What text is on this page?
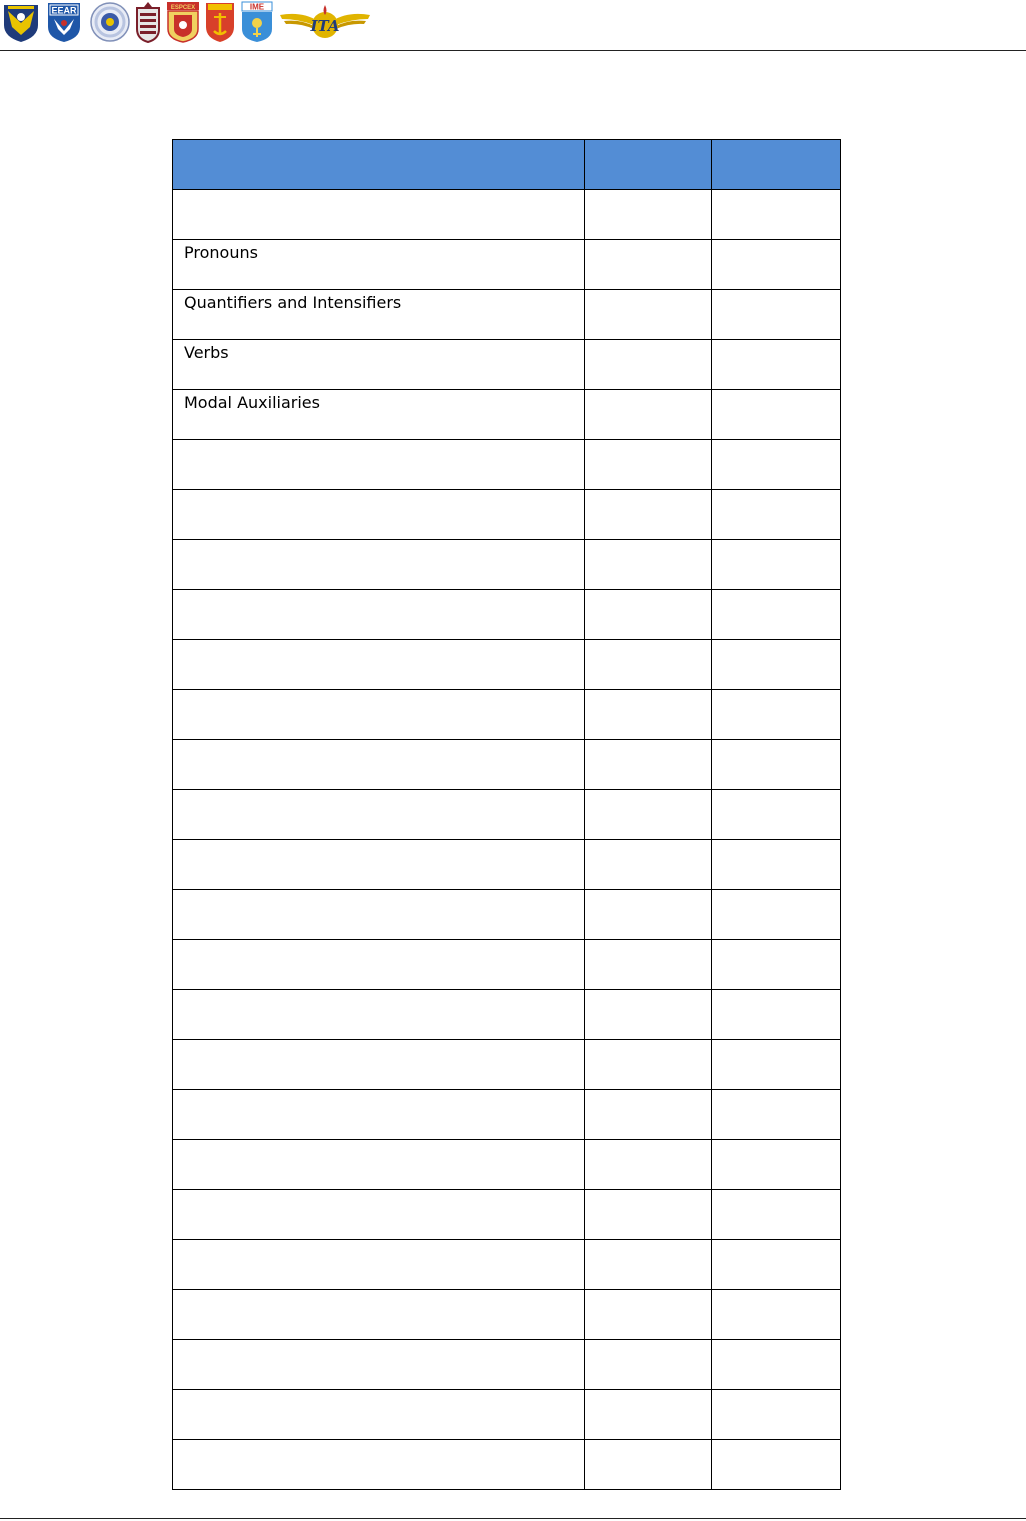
EEAR	ESPCEX	IME
ITA

Pronouns		
Quantifiers and Intensifiers		
Verbs		
Modal Auxiliaries		
